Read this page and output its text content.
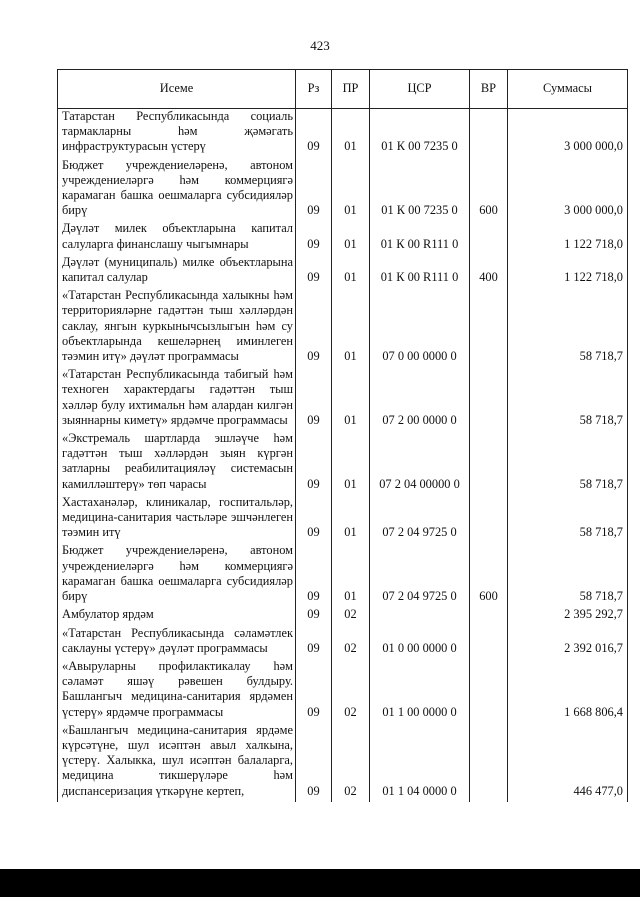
423
Исеме	Рз	ПР	ЦСР	ВР	Суммасы
Татарстан Республикасында социаль тармакларны һәм җәмәгать инфраструктурасын үстерү	09	01	01 К 00 7235 0		3 000 000,0
Бюджет учреждениеләренә, автоном учреждениеләргә һәм коммерциягә карамаган башка оешмаларга субсидияләр бирү	09	01	01 К 00 7235 0	600	3 000 000,0
Дәүләт милек объектларына капитал салуларга финанслашу чыгымнары	09	01	01 К 00 R111 0		1 122 718,0
Дәүләт (муниципаль) милке объектларына капитал салулар	09	01	01 К 00 R111 0	400	1 122 718,0
«Татарстан Республикасында халыкны һәм территорияләрне гадәттән тыш хәлләрдән саклау, янгын куркынычсызлыгын һәм су объектларында кешеләрнең иминлеген тәэмин итү» дәүләт программасы	09	01	07 0 00 0000 0		58 718,7
«Татарстан Республикасында табигый һәм техноген характердагы гадәттән тыш хәлләр булу ихтимальн һәм алардан килгән зыяннарны киметү» ярдәмче программасы	09	01	07 2 00 0000 0		58 718,7
«Экстремаль шартларда эшләүче һәм гадәттән тыш хәлләрдән зыян күргән затларны реабилитацияләү системасын камилләштерү» төп чарасы	09	01	07 2 04 00000 0		58 718,7
Хастаханәләр, клиникалар, госпитальләр, медицина-санитария частьләре эшчәнлеген тәэмин итү	09	01	07 2 04 9725 0		58 718,7
Бюджет учреждениеләренә, автоном учреждениеләргә һәм коммерциягә карамаган башка оешмаларга субсидияләр бирү	09	01	07 2 04 9725 0	600	58 718,7
Амбулатор ярдәм	09	02			2 395 292,7
«Татарстан Республикасында сәламәтлек саклауны үстерү» дәүләт программасы	09	02	01 0 00 0000 0		2 392 016,7
«Авыруларны профилактикалау һәм сәламәт яшәү рәвешен булдыру. Башлангыч медицина-санитария ярдәмен үстерү» ярдәмче программасы	09	02	01 1 00 0000 0		1 668 806,4
«Башлангыч медицина-санитария ярдәме күрсәтүне, шул исәптән авыл халкына, үстерү. Халыкка, шул исәптән балаларга, медицина тикшерүләре һәм диспансеризация үткәрүне кертеп,	09	02	01 1 04 0000 0		446 477,0
